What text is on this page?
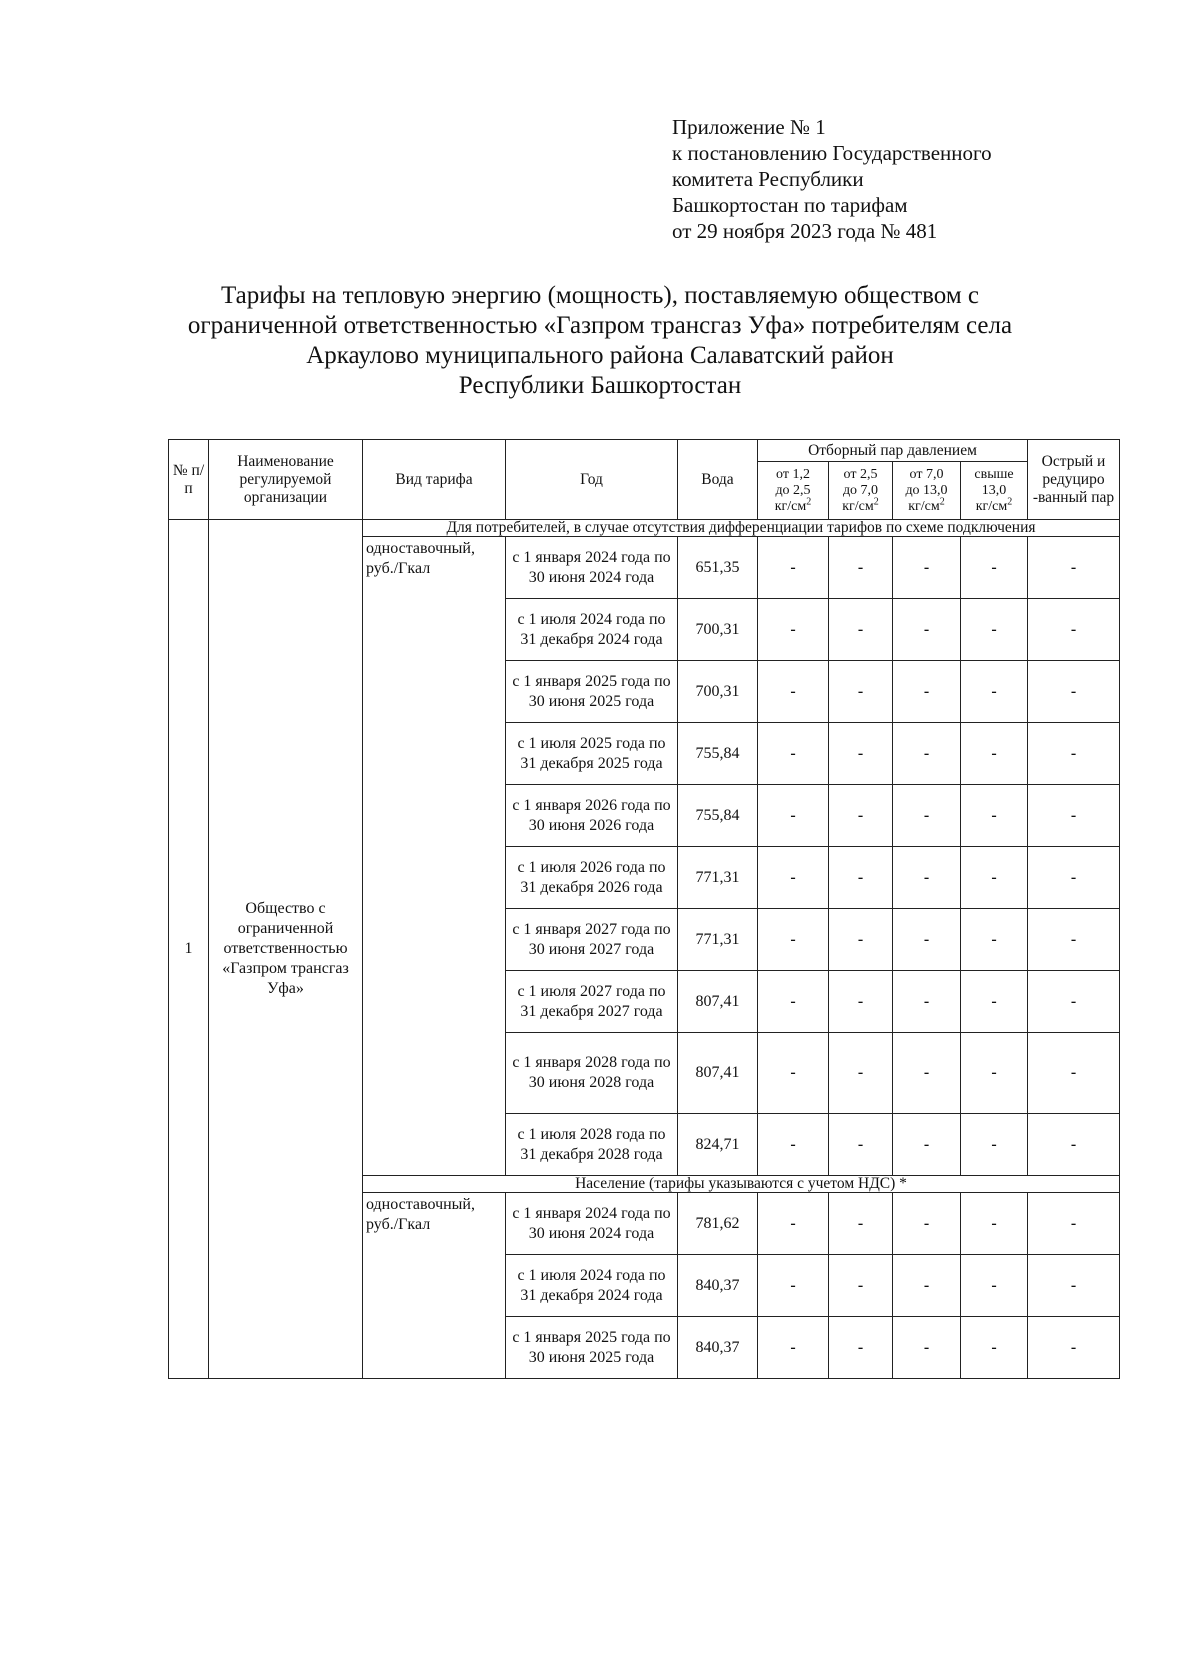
Приложение № 1
к постановлению Государственного
комитета Республики
Башкортостан по тарифам
от 29 ноября 2023 года № 481
Тарифы на тепловую энергию (мощность), поставляемую обществом с
ограниченной ответственностью «Газпром трансгаз Уфа» потребителям села
Аркаулово муниципального района Салаватский район
Республики Башкортостан
№ п/п	Наименование регулируемой организации	Вид тарифа	Год	Вода	Отборный пар давлением				Острый и редуциро -ванный пар
					от 1,2
до 2,5
$кг/см^2$	от 2,5
до 7,0
$кг/см^2$	от 7,0
до 13,0
$кг/см^2$	свыше
13,0
$кг/см^2$
1	Общество с ограниченной ответственностью «Газпром трансгаз Уфа»	Для потребителей, в случае отсутствия дифференциации тарифов по схеме подключения							
		одноставочный, руб./Гкал	с 1 января 2024 года по 30 июня 2024 года	651,35	-	-	-	-	-
			с 1 июля 2024 года по 31 декабря 2024 года	700,31	-	-	-	-	-
			с 1 января 2025 года по 30 июня 2025 года	700,31	-	-	-	-	-
			с 1 июля 2025 года по 31 декабря 2025 года	755,84	-	-	-	-	-
			с 1 января 2026 года по 30 июня 2026 года	755,84	-	-	-	-	-
			с 1 июля 2026 года по 31 декабря 2026 года	771,31	-	-	-	-	-
			с 1 января 2027 года по 30 июня 2027 года	771,31	-	-	-	-	-
			с 1 июля 2027 года по 31 декабря 2027 года	807,41	-	-	-	-	-
			с 1 января 2028 года по 30 июня 2028 года	807,41	-	-	-	-	-
			с 1 июля 2028 года по 31 декабря 2028 года	824,71	-	-	-	-	-
		Население (тарифы указываются с учетом НДС) *							
		одноставочный, руб./Гкал	с 1 января 2024 года по 30 июня 2024 года	781,62	-	-	-	-	-
			с 1 июля 2024 года по 31 декабря 2024 года	840,37	-	-	-	-	-
			с 1 января 2025 года по 30 июня 2025 года	840,37	-	-	-	-	-
